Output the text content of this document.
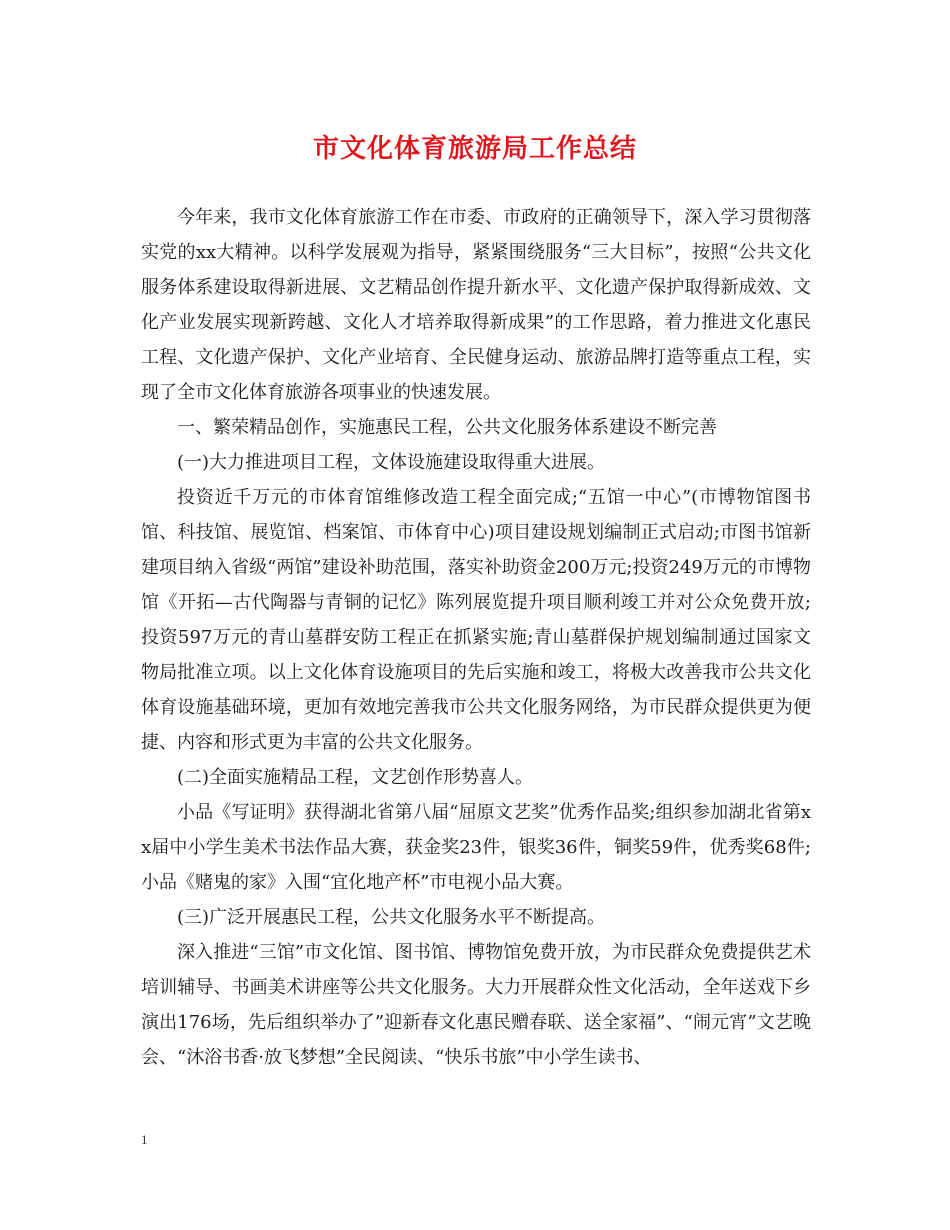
市文化体育旅游局工作总结

今年来，我市文化体育旅游工作在市委、市政府的正确领导下，深入学习贯彻落实党的xx大精神。以科学发展观为指导，紧紧围绕服务“三大目标”，按照“公共文化服务体系建设取得新进展、文艺精品创作提升新水平、文化遗产保护取得新成效、文化产业发展实现新跨越、文化人才培养取得新成果”的工作思路，着力推进文化惠民工程、文化遗产保护、文化产业培育、全民健身运动、旅游品牌打造等重点工程，实现了全市文化体育旅游各项事业的快速发展。

一、繁荣精品创作，实施惠民工程，公共文化服务体系建设不断完善

(一)大力推进项目工程，文体设施建设取得重大进展。

投资近千万元的市体育馆维修改造工程全面完成;“五馆一中心”(市博物馆图书馆、科技馆、展览馆、档案馆、市体育中心)项目建设规划编制正式启动;市图书馆新建项目纳入省级“两馆”建设补助范围，落实补助资金200万元;投资249万元的市博物馆《开拓—古代陶器与青铜的记忆》陈列展览提升项目顺利竣工并对公众免费开放;投资597万元的青山墓群安防工程正在抓紧实施;青山墓群保护规划编制通过国家文物局批准立项。以上文化体育设施项目的先后实施和竣工，将极大改善我市公共文化体育设施基础环境，更加有效地完善我市公共文化服务网络，为市民群众提供更为便捷、内容和形式更为丰富的公共文化服务。

(二)全面实施精品工程，文艺创作形势喜人。

小品《写证明》获得湖北省第八届“屈原文艺奖”优秀作品奖;组织参加湖北省第xx届中小学生美术书法作品大赛，获金奖23件，银奖36件，铜奖59件，优秀奖68件;小品《赌鬼的家》入围“宜化地产杯”市电视小品大赛。

(三)广泛开展惠民工程，公共文化服务水平不断提高。

深入推进“三馆”市文化馆、图书馆、博物馆免费开放，为市民群众免费提供艺术培训辅导、书画美术讲座等公共文化服务。大力开展群众性文化活动，全年送戏下乡演出176场，先后组织举办了”迎新春文化惠民赠春联、送全家福”、“闹元宵”文艺晚会、“沐浴书香·放飞梦想”全民阅读、“快乐书旅”中小学生读书、

1
